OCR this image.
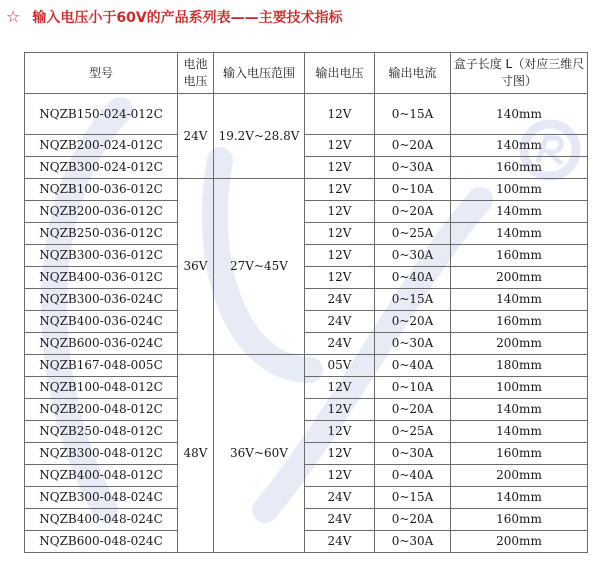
☆ 输入电压小于60V的产品系列表——主要技术指标
型号	电池电压	输入电压范围	输出电压	输出电流	盒子长度 L（对应三维尺寸图）
NQZB150-024-012C	24V	19.2V~28.8V	12V	0~15A	140mm
NQZB200-024-012C			12V	0~20A	140mm
NQZB300-024-012C			12V	0~30A	160mm
NQZB100-036-012C	36V	27V~45V	12V	0~10A	100mm
NQZB200-036-012C			12V	0~20A	140mm
NQZB250-036-012C			12V	0~25A	140mm
NQZB300-036-012C			12V	0~30A	160mm
NQZB400-036-012C			12V	0~40A	200mm
NQZB300-036-024C			24V	0~15A	140mm
NQZB400-036-024C			24V	0~20A	160mm
NQZB600-036-024C			24V	0~30A	200mm
NQZB167-048-005C	48V	36V~60V	05V	0~40A	180mm
NQZB100-048-012C			12V	0~10A	100mm
NQZB200-048-012C			12V	0~20A	140mm
NQZB250-048-012C			12V	0~25A	140mm
NQZB300-048-012C			12V	0~30A	160mm
NQZB400-048-012C			12V	0~40A	200mm
NQZB300-048-024C			24V	0~15A	140mm
NQZB400-048-024C			24V	0~20A	160mm
NQZB600-048-024C			24V	0~30A	200mm
